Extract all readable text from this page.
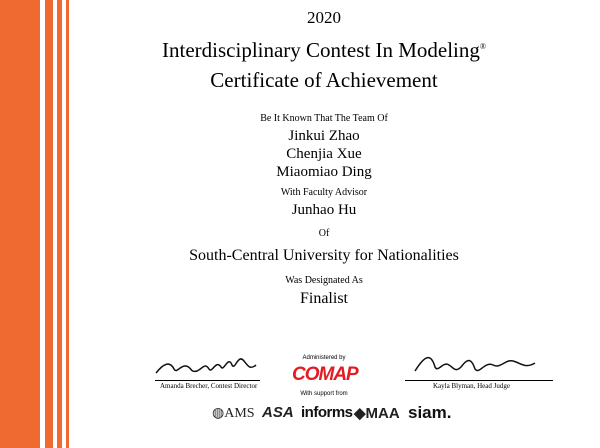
2020
Interdisciplinary Contest In Modeling®
Certificate of Achievement
Be It Known That The Team Of
Jinkui Zhao
Chenjia Xue
Miaomiao Ding
With Faculty Advisor
Junhao Hu
Of
South-Central University for Nationalities
Was Designated As
Finalist
Amanda Brecher, Contest Director	Kayla Blyman, Head Judge
Administered by
COMAP
With support from
◍AMS ASA informs ◆MAA siam.
